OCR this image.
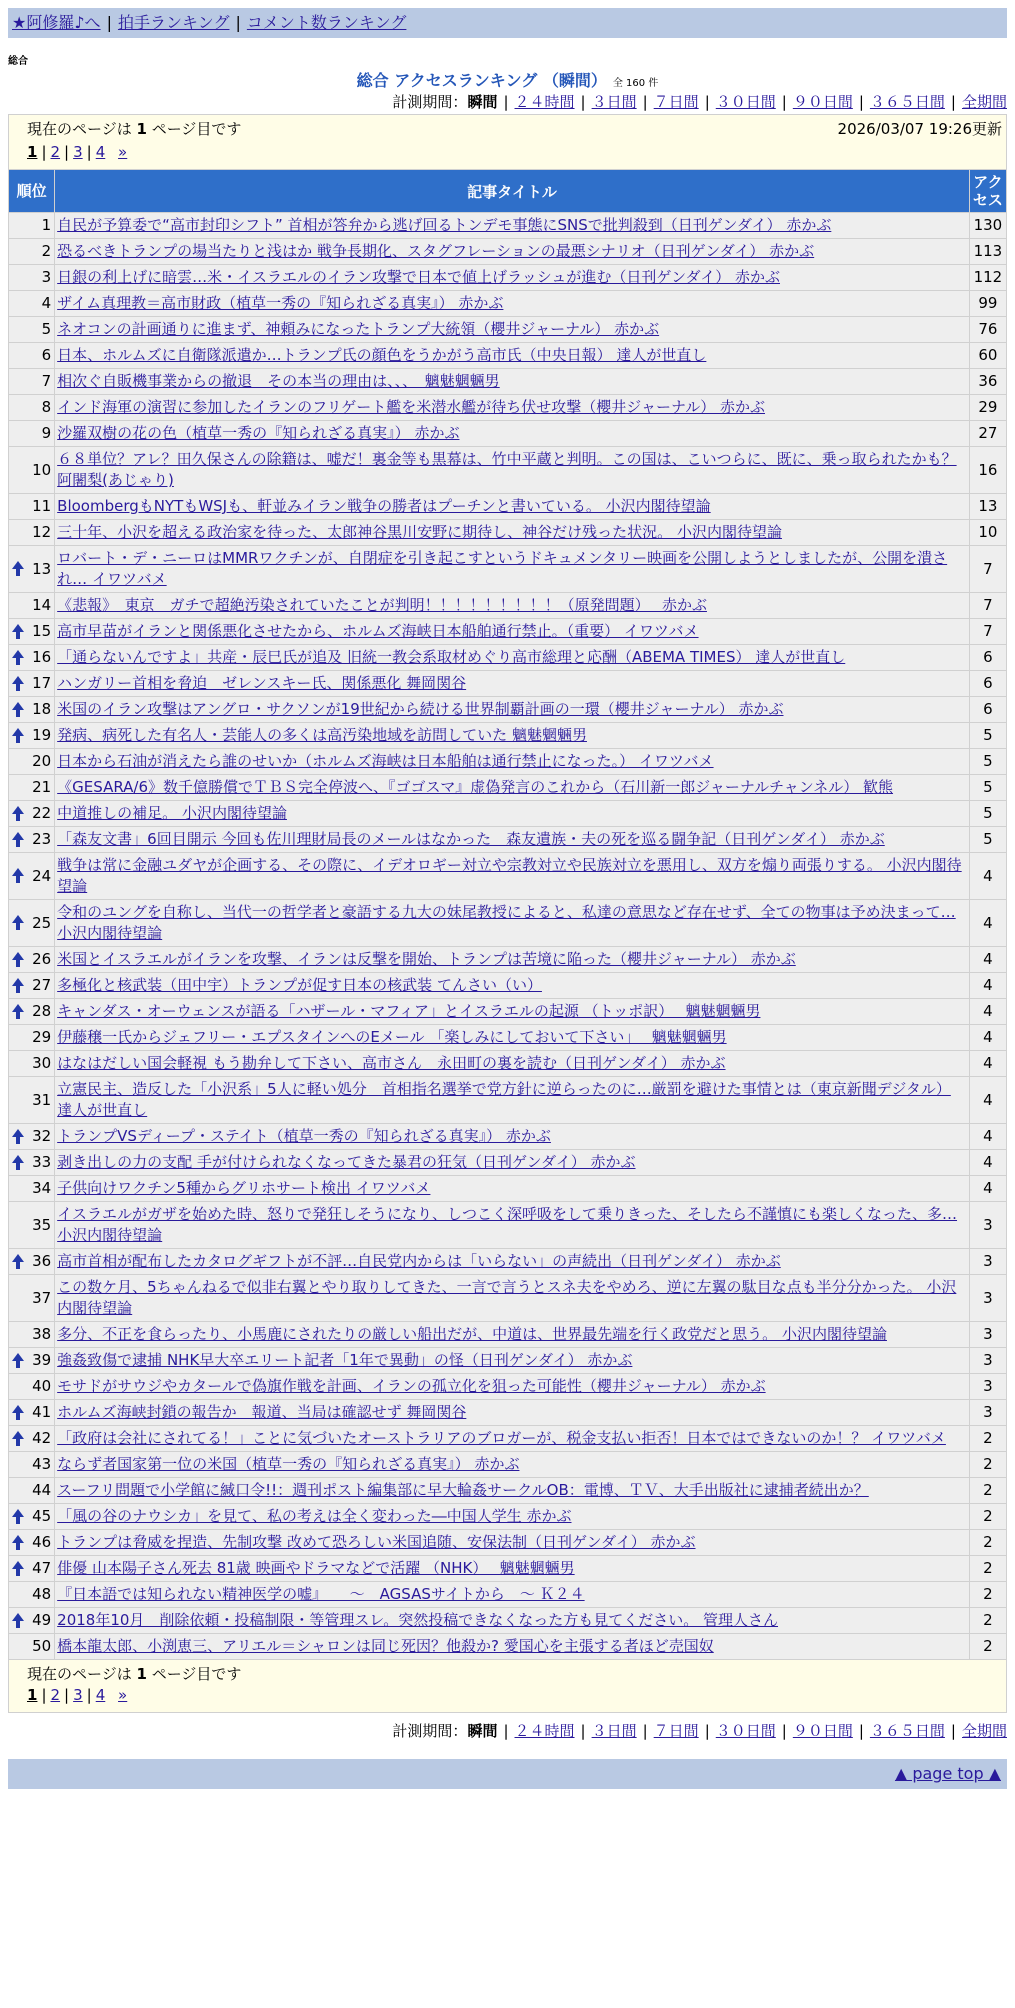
★阿修羅♪へ | 拍手ランキング | コメント数ランキング
総合
総合 アクセスランキング （瞬間） 全 160 件
計測期間：瞬間 | ２４時間 | ３日間 | ７日間 | ３０日間 | ９０日間 | ３６５日間 | 全期間
現在のページは 1 ページ目です	2026/03/07 19:26更新
1 | 2 | 3 | 4 »
順位	記事タイトル	アクセス
1	自民が予算委で“高市封印シフト” 首相が答弁から逃げ回るトンデモ事態にSNSで批判殺到（日刊ゲンダイ） 赤かぶ	130
2	恐るべきトランプの場当たりと浅はか 戦争長期化、スタグフレーションの最悪シナリオ（日刊ゲンダイ） 赤かぶ	113
3	日銀の利上げに暗雲…米・イスラエルのイラン攻撃で日本で値上げラッシュが進む（日刊ゲンダイ） 赤かぶ	112
4	ザイム真理教＝高市財政（植草一秀の『知られざる真実』） 赤かぶ	99
5	ネオコンの計画通りに進まず、神頼みになったトランプ大統領（櫻井ジャーナル） 赤かぶ	76
6	日本、ホルムズに自衛隊派遣か…トランプ氏の顔色をうかがう高市氏（中央日報） 達人が世直し	60
7	相次ぐ自販機事業からの撤退　その本当の理由は、、、　魑魅魍魎男	36
8	インド海軍の演習に参加したイランのフリゲート艦を米潜水艦が待ち伏せ攻撃（櫻井ジャーナル） 赤かぶ	29
9	沙羅双樹の花の色（植草一秀の『知られざる真実』） 赤かぶ	27
10	６８単位？アレ？田久保さんの除籍は、嘘だ！裏金等も黒幕は、竹中平蔵と判明。この国は、こいつらに、既に、乗っ取られたかも？ 阿闍梨(あじゃり)	16
11	BloombergもNYTもWSJも、軒並みイラン戦争の勝者はプーチンと書いている。 小沢内閣待望論	13
12	三十年、小沢を超える政治家を待った、太郎神谷黒川安野に期待し、神谷だけ残った状況。 小沢内閣待望論	10

13	ロバート・デ・ニーロはMMRワクチンが、自閉症を引き起こすというドキュメンタリー映画を公開しようとしましたが、公開を潰され… イワツバメ	7
14	《悲報》　東京　ガチで超絶汚染されていたことが判明！！！！！！！！！（原発問題）　 赤かぶ	7

15	高市早苗がイランと関係悪化させたから、ホルムズ海峡日本船舶通行禁止。（重要） イワツバメ	7

16	「通らないんですよ」共産・辰巳氏が追及 旧統一教会系取材めぐり高市総理と応酬（ABEMA TIMES） 達人が世直し	6

17	ハンガリー首相を脅迫　ゼレンスキー氏、関係悪化 舞岡関谷	6

18	米国のイラン攻撃はアングロ・サクソンが19世紀から続ける世界制覇計画の一環（櫻井ジャーナル） 赤かぶ	6

19	発病、病死した有名人・芸能人の多くは高汚染地域を訪問していた 魑魅魍魎男	5
20	日本から石油が消えたら誰のせいか（ホルムズ海峡は日本船舶は通行禁止になった。） イワツバメ	5
21	《GESARA/6》数千億勝償でＴＢＳ完全停波へ、『ゴゴスマ』虚偽発言のこれから（石川新一郎ジャーナルチャンネル） 歓熊	5

22	中道推しの補足。 小沢内閣待望論	5

23	「森友文書」6回目開示 今回も佐川理財局長のメールはなかった　森友遺族・夫の死を巡る闘争記（日刊ゲンダイ） 赤かぶ	5

24	戦争は常に金融ユダヤが企画する、その際に、イデオロギー対立や宗教対立や民族対立を悪用し、双方を煽り両張りする。 小沢内閣待望論	4

25	令和のユングを自称し、当代一の哲学者と豪語する九大の妹尾教授によると、私達の意思など存在せず、全ての物事は予め決まって… 小沢内閣待望論	4

26	米国とイスラエルがイランを攻撃、イランは反撃を開始、トランプは苦境に陥った（櫻井ジャーナル） 赤かぶ	4

27	多極化と核武装（田中宇）トランプが促す日本の核武装 てんさい（い）	4

28	キャンダス・オーウェンスが語る「ハザール・マフィア」とイスラエルの起源 （トッポ訳）　 魑魅魍魎男	4
29	伊藤穣一氏からジェフリー・エプスタインへのEメール 「楽しみにしておいて下さい」　 魑魅魍魎男	4
30	はなはだしい国会軽視 もう勘弁して下さい、高市さん　永田町の裏を読む（日刊ゲンダイ） 赤かぶ	4
31	立憲民主、造反した「小沢系」5人に軽い処分　首相指名選挙で党方針に逆らったのに…厳罰を避けた事情とは（東京新聞デジタル） 達人が世直し	4

32	トランプVSディープ・ステイト（植草一秀の『知られざる真実』） 赤かぶ	4

33	剥き出しの力の支配 手が付けられなくなってきた暴君の狂気（日刊ゲンダイ） 赤かぶ	4
34	子供向けワクチン5種からグリホサート検出 イワツバメ	4
35	イスラエルがガザを始めた時、怒りで発狂しそうになり、しつこく深呼吸をして乗りきった、そしたら不謹慎にも楽しくなった、多… 小沢内閣待望論	3

36	高市首相が配布したカタログギフトが不評…自民党内からは「いらない」の声続出（日刊ゲンダイ） 赤かぶ	3
37	この数ケ月、5ちゃんねるで似非右翼とやり取りしてきた、一言で言うとスネ夫をやめろ、逆に左翼の駄目な点も半分分かった。 小沢内閣待望論	3
38	多分、不正を食らったり、小馬鹿にされたりの厳しい船出だが、中道は、世界最先端を行く政党だと思う。 小沢内閣待望論	3

39	強姦致傷で逮捕 NHK早大卒エリート記者「1年で異動」の怪（日刊ゲンダイ） 赤かぶ	3
40	モサドがサウジやカタールで偽旗作戦を計画、イランの孤立化を狙った可能性（櫻井ジャーナル） 赤かぶ	3

41	ホルムズ海峡封鎖の報告か　報道、当局は確認せず 舞岡関谷	3

42	「政府は会社にされてる！」ことに気づいたオーストラリアのブロガーが、税金支払い拒否！日本ではできないのか！？ イワツバメ	2
43	ならず者国家第一位の米国（植草一秀の『知られざる真実』） 赤かぶ	2
44	スーフリ問題で小学館に緘口令!!：週刊ポスト編集部に早大輪姦サークルOB：電博、ＴＶ、大手出版社に逮捕者続出か？	2

45	「風の谷のナウシカ」を見て、私の考えは全く変わった―中国人学生 赤かぶ	2

46	トランプは脅威を捏造、先制攻撃 改めて恐ろしい米国追随、安保法制（日刊ゲンダイ） 赤かぶ	2

47	俳優 山本陽子さん死去 81歳 映画やドラマなどで活躍 （NHK）　 魑魅魍魎男	2
48	『日本語では知られない精神医学の嘘』　　～　AGSASサイトから　～ Ｋ２４	2

49	2018年10月　削除依頼・投稿制限・等管理スレ。突然投稿できなくなった方も見てください。 管理人さん	2
50	橋本龍太郎、小渕恵三、アリエル＝シャロンは同じ死因？他殺か? 愛国心を主張する者ほど売国奴	2
現在のページは 1 ページ目です
1 | 2 | 3 | 4 »
計測期間：瞬間 | ２４時間 | ３日間 | ７日間 | ３０日間 | ９０日間 | ３６５日間 | 全期間
▲ page top ▲
